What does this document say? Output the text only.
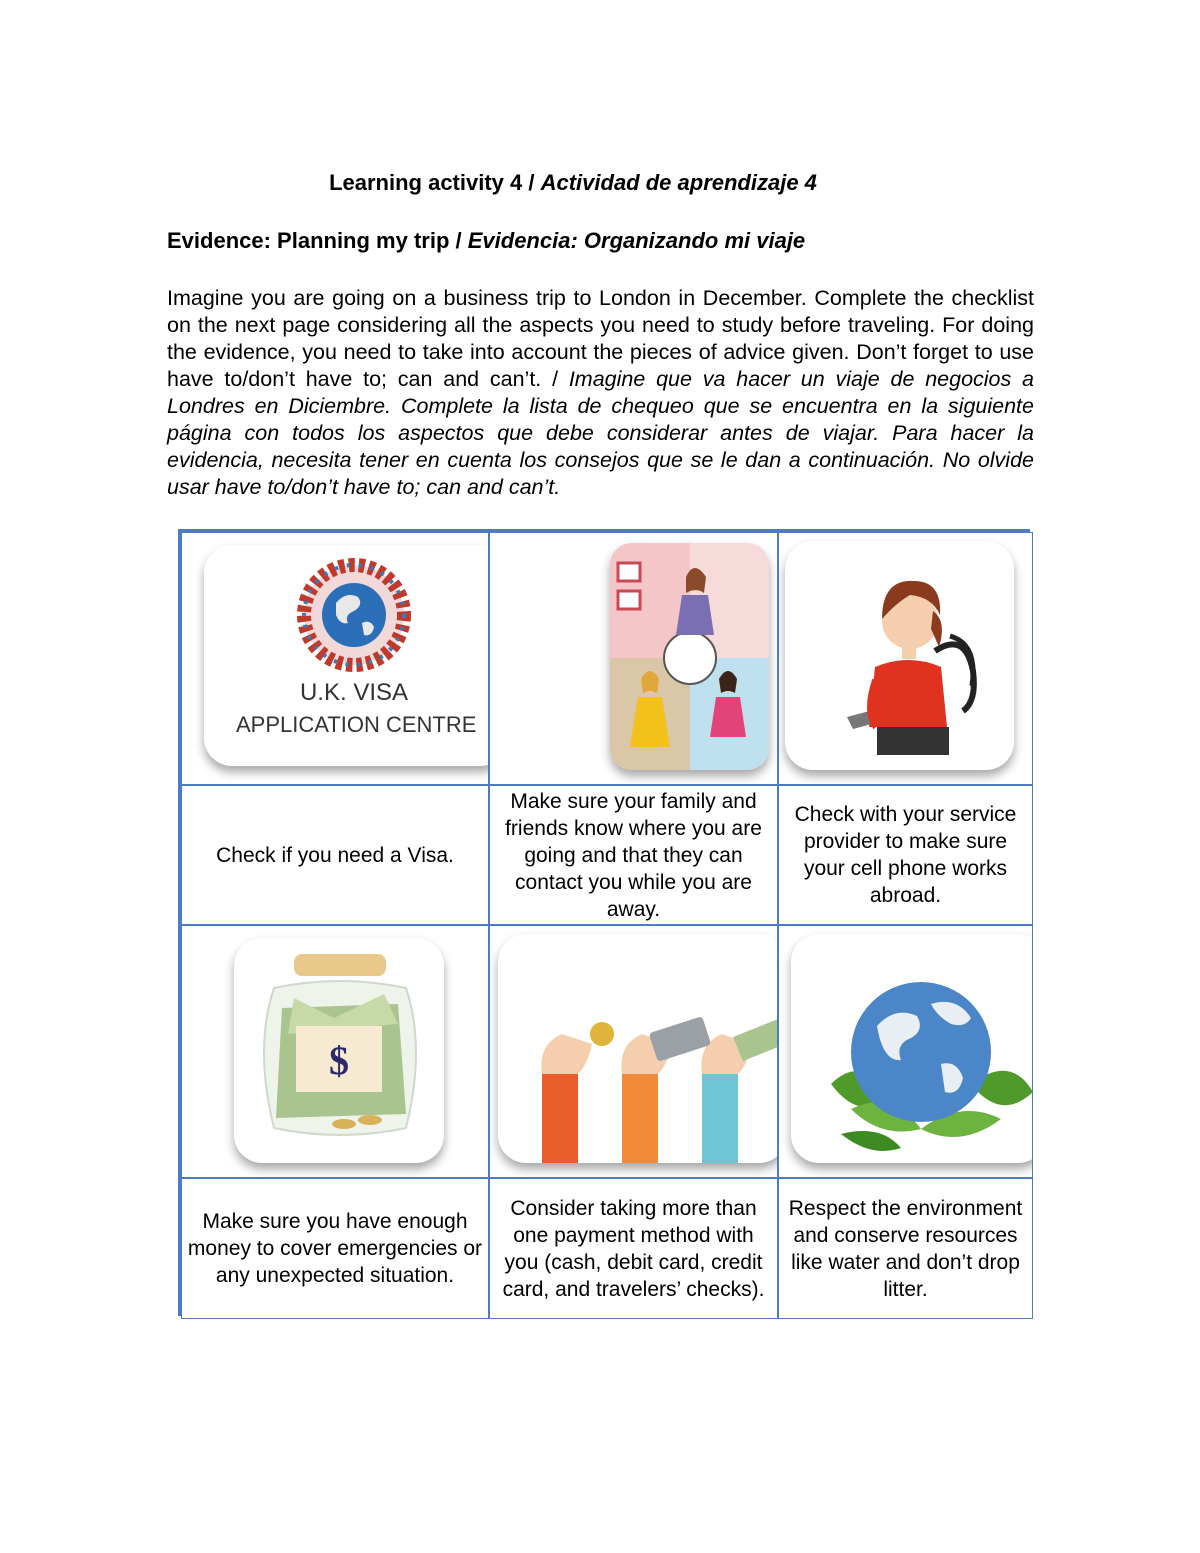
Learning activity 4 / Actividad de aprendizaje 4
Evidence: Planning my trip / Evidencia: Organizando mi viaje
Imagine you are going on a business trip to London in December. Complete the checklist on the next page considering all the aspects you need to study before traveling. For doing the evidence, you need to take into account the pieces of advice given. Don’t forget to use have to/don’t have to; can and can’t. / Imagine que va hacer un viaje de negocios a Londres en Diciembre. Complete la lista de chequeo que se encuentra en la siguiente página con todos los aspectos que debe considerar antes de viajar. Para hacer la evidencia, necesita tener en cuenta los consejos que se le dan a continuación. No olvide usar have to/don’t have to; can and can’t.
U.K. VISA
APPLICATION CENTRE
Check if you need a Visa.
Make sure your family and friends know where you are going and that they can contact you while you are away.
Check with your service provider to make sure your cell phone works abroad.
$
Make sure you have enough money to cover emergencies or any unexpected situation.
Consider taking more than one payment method with you (cash, debit card, credit card, and travelers’ checks).
Respect the environment and conserve resources like water and don’t drop litter.
